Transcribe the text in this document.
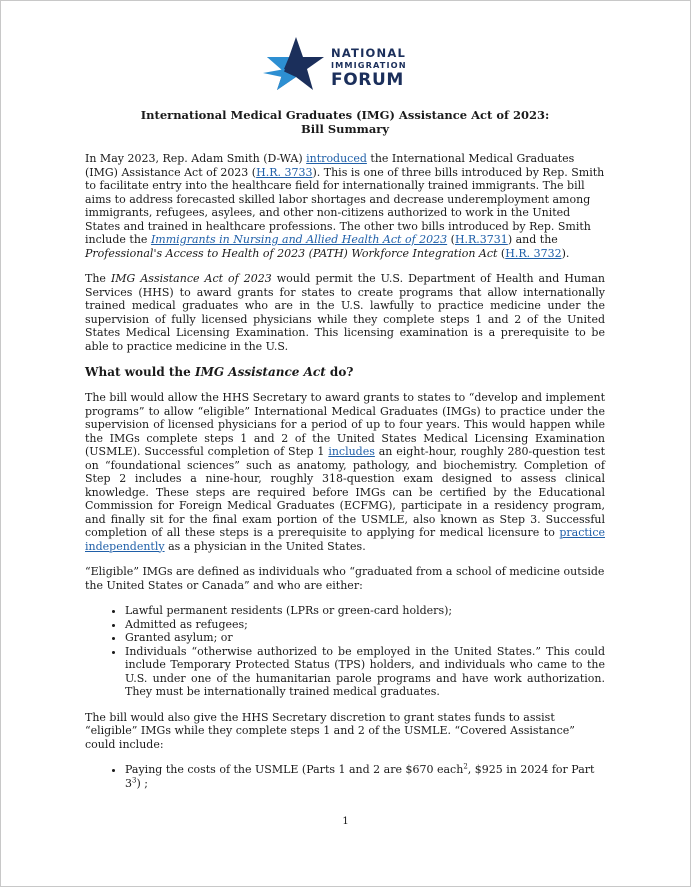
NATIONAL
IMMIGRATION
FORUM
International Medical Graduates (IMG) Assistance Act of 2023:
Bill Summary

In May 2023, Rep. Adam Smith (D-WA) introduced the International Medical Graduates (IMG) Assistance Act of 2023 (H.R. 3733). This is one of three bills introduced by Rep. Smith to facilitate entry into the healthcare field for internationally trained immigrants. The bill aims to address forecasted skilled labor shortages and decrease underemployment among immigrants, refugees, asylees, and other non-citizens authorized to work in the United States and trained in healthcare professions. The other two bills introduced by Rep. Smith include the Immigrants in Nursing and Allied Health Act of 2023 (H.R.3731) and the Professional's Access to Health of 2023 (PATH) Workforce Integration Act (H.R. 3732).

The IMG Assistance Act of 2023 would permit the U.S. Department of Health and Human Services (HHS) to award grants for states to create programs that allow internationally trained medical graduates who are in the U.S. lawfully to practice medicine under the supervision of fully licensed physicians while they complete steps 1 and 2 of the United States Medical Licensing Examination. This licensing examination is a prerequisite to be able to practice medicine in the U.S.

What would the IMG Assistance Act do?

The bill would allow the HHS Secretary to award grants to states to “develop and implement programs” to allow “eligible” International Medical Graduates (IMGs) to practice under the supervision of licensed physicians for a period of up to four years. This would happen while the IMGs complete steps 1 and 2 of the United States Medical Licensing Examination (USMLE). Successful completion of Step 1 includes an eight-hour, roughly 280-question test on “foundational sciences” such as anatomy, pathology, and biochemistry. Completion of Step 2 includes a nine-hour, roughly 318-question exam designed to assess clinical knowledge. These steps are required before IMGs can be certified by the Educational Commission for Foreign Medical Graduates (ECFMG), participate in a residency program, and finally sit for the final exam portion of the USMLE, also known as Step 3. Successful completion of all these steps is a prerequisite to applying for medical licensure to practice independently as a physician in the United States.

“Eligible” IMGs are defined as individuals who “graduated from a school of medicine outside the United States or Canada” and who are either:

• Lawful permanent residents (LPRs or green-card holders);
• Admitted as refugees;
• Granted asylum; or
• Individuals “otherwise authorized to be employed in the United States.” This could include Temporary Protected Status (TPS) holders, and individuals who came to the U.S. under one of the humanitarian parole programs and have work authorization. They must be internationally trained medical graduates.

The bill would also give the HHS Secretary discretion to grant states funds to assist “eligible” IMGs while they complete steps 1 and 2 of the USMLE. “Covered Assistance” could include:

• Paying the costs of the USMLE (Parts 1 and 2 are $670 each$^2$, $925 in 2024 for Part $3^3$) ;
1
